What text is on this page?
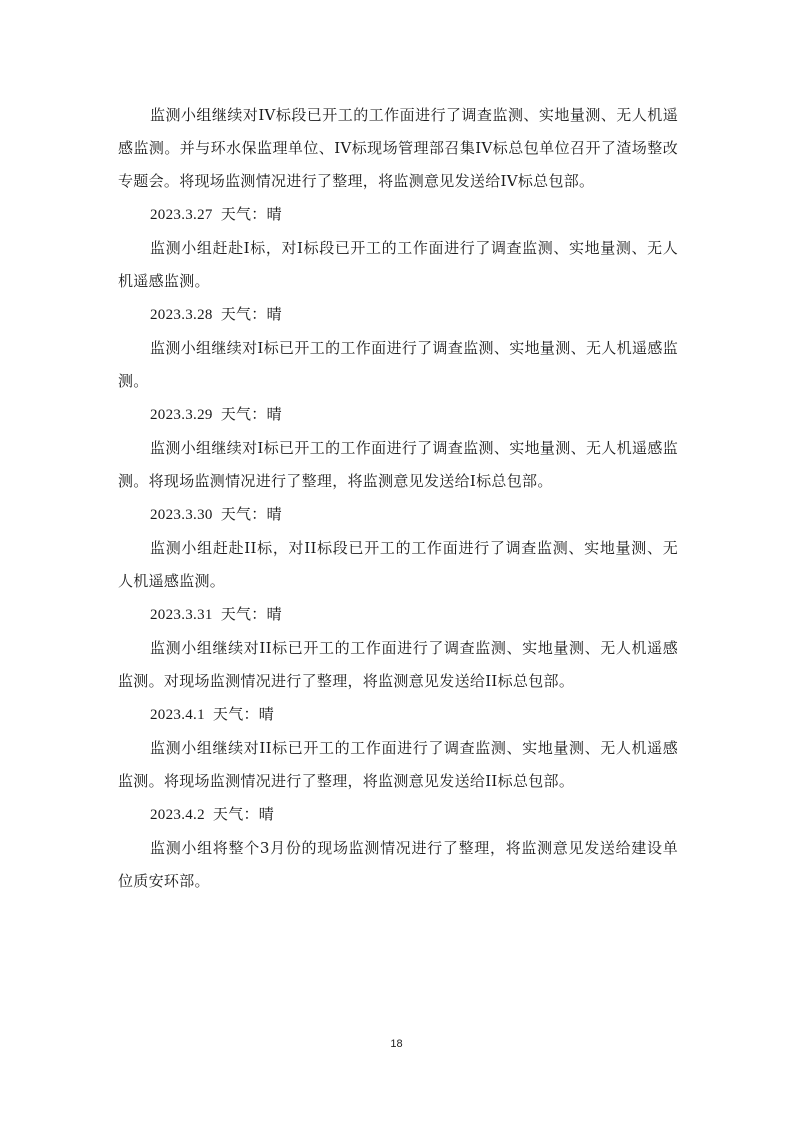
监测小组继续对IV标段已开工的工作面进行了调查监测、实地量测、无人机遥感监测。并与环水保监理单位、IV标现场管理部召集IV标总包单位召开了渣场整改专题会。将现场监测情况进行了整理，将监测意见发送给IV标总包部。

2023.3.27 天气：晴

监测小组赶赴I标，对I标段已开工的工作面进行了调查监测、实地量测、无人机遥感监测。

2023.3.28 天气：晴

监测小组继续对I标已开工的工作面进行了调查监测、实地量测、无人机遥感监测。

2023.3.29 天气：晴

监测小组继续对I标已开工的工作面进行了调查监测、实地量测、无人机遥感监测。将现场监测情况进行了整理，将监测意见发送给I标总包部。

2023.3.30 天气：晴

监测小组赶赴II标，对II标段已开工的工作面进行了调查监测、实地量测、无人机遥感监测。

2023.3.31 天气：晴

监测小组继续对II标已开工的工作面进行了调查监测、实地量测、无人机遥感监测。对现场监测情况进行了整理，将监测意见发送给II标总包部。

2023.4.1 天气：晴

监测小组继续对II标已开工的工作面进行了调查监测、实地量测、无人机遥感监测。将现场监测情况进行了整理，将监测意见发送给II标总包部。

2023.4.2 天气：晴

监测小组将整个3月份的现场监测情况进行了整理，将监测意见发送给建设单位质安环部。

18
